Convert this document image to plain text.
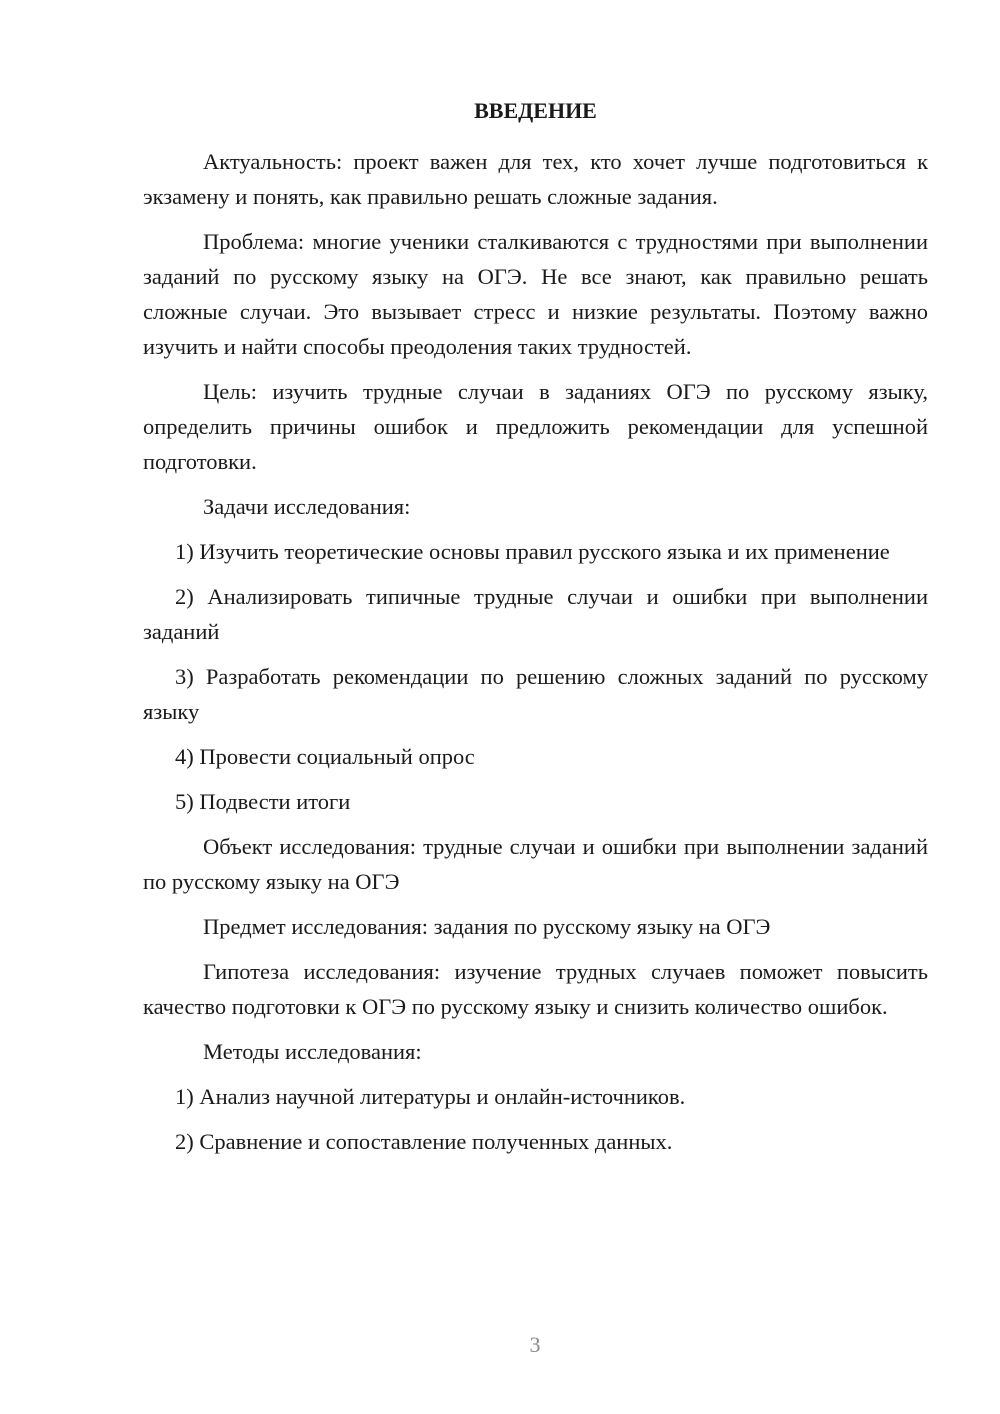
ВВЕДЕНИЕ

Актуальность: проект важен для тех, кто хочет лучше подготовиться к экзамену и понять, как правильно решать сложные задания.

Проблема: многие ученики сталкиваются с трудностями при выполнении заданий по русскому языку на ОГЭ. Не все знают, как правильно решать сложные случаи. Это вызывает стресс и низкие результаты. Поэтому важно изучить и найти способы преодоления таких трудностей.

Цель: изучить трудные случаи в заданиях ОГЭ по русскому языку, определить причины ошибок и предложить рекомендации для успешной подготовки.

Задачи исследования:

1) Изучить теоретические основы правил русского языка и их применение

2) Анализировать типичные трудные случаи и ошибки при выполнении заданий

3) Разработать рекомендации по решению сложных заданий по русскому языку

4) Провести социальный опрос

5) Подвести итоги

Объект исследования: трудные случаи и ошибки при выполнении заданий по русскому языку на ОГЭ

Предмет исследования: задания по русскому языку на ОГЭ

Гипотеза исследования: изучение трудных случаев поможет повысить качество подготовки к ОГЭ по русскому языку и снизить количество ошибок.

Методы исследования:

1) Анализ научной литературы и онлайн-источников.

2) Сравнение и сопоставление полученных данных.

3
